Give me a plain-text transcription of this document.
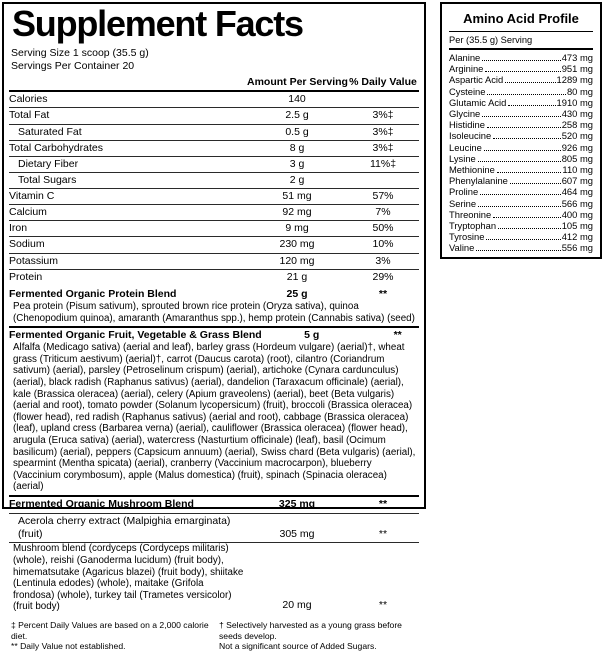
Supplement Facts
Serving Size 1 scoop (35.5 g)
Servings Per Container 20
Amount Per Serving % Daily Value
Calories	140
Total Fat	2.5 g	3%‡
Saturated Fat	0.5 g	3%‡
Total Carbohydrates	8 g	3%‡
Dietary Fiber	3 g	11%‡
Total Sugars	2 g
Vitamin C	51 mg	57%
Calcium	92 mg	7%
Iron	9 mg	50%
Sodium	230 mg	10%
Potassium	120 mg	3%
Protein	21 g	29%
Fermented Organic Protein Blend	25 g	**
Pea protein (Pisum sativum), sprouted brown rice protein (Oryza sativa), quinoa (Chenopodium quinoa), amaranth (Amaranthus spp.), hemp protein (Cannabis sativa) (seed)
Fermented Organic Fruit, Vegetable & Grass Blend	5 g	**
Alfalfa (Medicago sativa) (aerial and leaf), barley grass (Hordeum vulgare) (aerial)†, wheat grass (Triticum aestivum) (aerial)†, carrot (Daucus carota) (root), cilantro (Coriandrum sativum) (aerial), parsley (Petroselinum crispum) (aerial), artichoke (Cynara cardunculus) (aerial), black radish (Raphanus sativus) (aerial), dandelion (Taraxacum officinale) (aerial), kale (Brassica oleracea) (aerial), celery (Apium graveolens) (aerial), beet (Beta vulgaris) (aerial and root), tomato powder (Solanum lycopersicum) (fruit), broccoli (Brassica oleracea) (flower head), red radish (Raphanus sativus) (aerial and root), cabbage (Brassica oleracea) (leaf), upland cress (Barbarea verna) (aerial), cauliflower (Brassica oleracea) (flower head), arugula (Eruca sativa) (aerial), watercress (Nasturtium officinale) (leaf), basil (Ocimum basilicum) (aerial), peppers (Capsicum annuum) (aerial), Swiss chard (Beta vulgaris) (aerial), spearmint (Mentha spicata) (aerial), cranberry (Vaccinium macrocarpon), blueberry (Vaccinium corymbosum), apple (Malus domestica) (fruit), spinach (Spinacia oleracea) (aerial)
Fermented Organic Mushroom Blend	325 mg	**
Acerola cherry extract (Malpighia emarginata) (fruit)	305 mg	**
Mushroom blend (cordyceps (Cordyceps militaris) (whole), reishi (Ganoderma lucidum) (fruit body), himematsutake (Agaricus blazei) (fruit body), shiitake (Lentinula edodes) (whole), maitake (Grifola frondosa) (whole), turkey tail (Trametes versicolor) (fruit body)	20 mg	**
‡ Percent Daily Values are based on a 2,000 calorie diet.
** Daily Value not established.
† Selectively harvested as a young grass before seeds develop.
Not a significant source of Added Sugars.
Amino Acid Profile
Per (35.5 g) Serving
Alanine	473 mg
Arginine	951 mg
Aspartic Acid	1289 mg
Cysteine	80 mg
Glutamic Acid	1910 mg
Glycine	430 mg
Histidine	258 mg
Isoleucine	520 mg
Leucine	926 mg
Lysine	805 mg
Methionine	110 mg
Phenylalanine	607 mg
Proline	464 mg
Serine	566 mg
Threonine	400 mg
Tryptophan	105 mg
Tyrosine	412 mg
Valine	556 mg
